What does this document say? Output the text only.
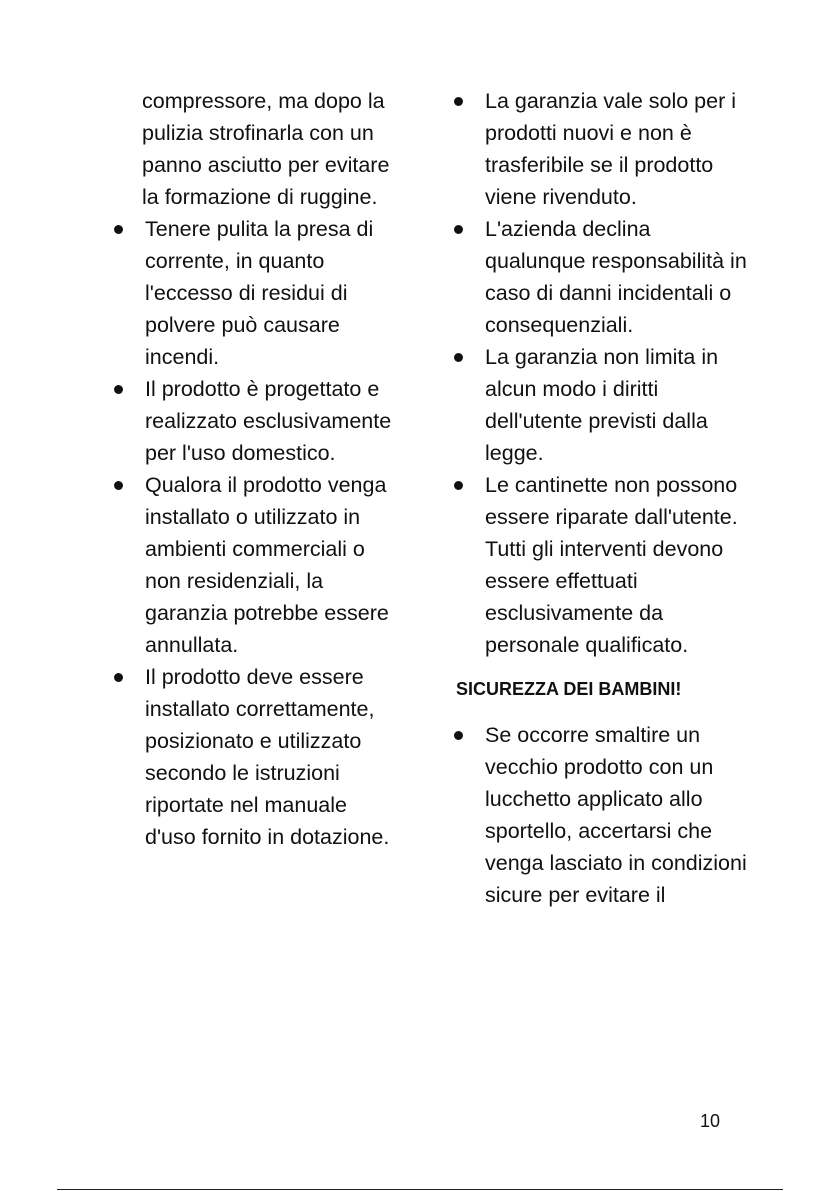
compressore, ma dopo la pulizia strofinarla con un panno asciutto per evitare la formazione di ruggine.
Tenere pulita la presa di corrente, in quanto l'eccesso di residui di polvere può causare incendi.
Il prodotto è progettato e realizzato esclusivamente per l'uso domestico.
Qualora il prodotto venga installato o utilizzato in ambienti commerciali o non residenziali, la garanzia potrebbe essere annullata.
Il prodotto deve essere installato correttamente, posizionato e utilizzato secondo le istruzioni riportate nel manuale d'uso fornito in dotazione.
La garanzia vale solo per i prodotti nuovi e non è trasferibile se il prodotto viene rivenduto.
L'azienda declina qualunque responsabilità in caso di danni incidentali o consequenziali.
La garanzia non limita in alcun modo i diritti dell'utente previsti dalla legge.
Le cantinette non possono essere riparate dall'utente. Tutti gli interventi devono essere effettuati esclusivamente da personale qualificato.
SICUREZZA DEI BAMBINI!
Se occorre smaltire un vecchio prodotto con un lucchetto applicato allo sportello, accertarsi che venga lasciato in condizioni sicure per evitare il
10
